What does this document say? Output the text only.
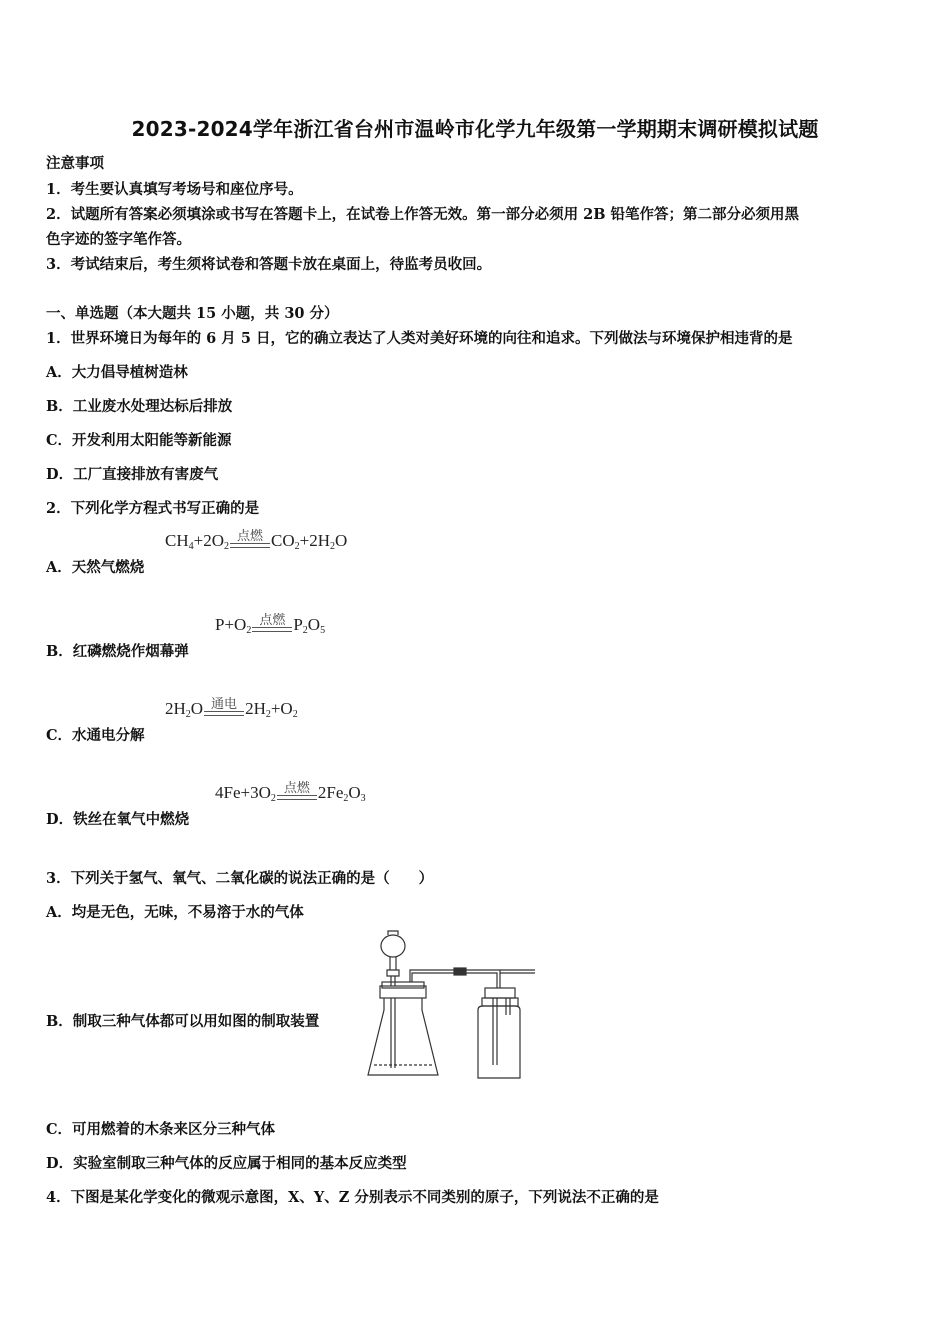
2023-2024学年浙江省台州市温岭市化学九年级第一学期期末调研模拟试题
注意事项
1．考生要认真填写考场号和座位序号。
2．试题所有答案必须填涂或书写在答题卡上，在试卷上作答无效。第一部分必须用 2B 铅笔作答；第二部分必须用黑
色字迹的签字笔作答。
3．考试结束后，考生须将试卷和答题卡放在桌面上，待监考员收回。
一、单选题（本大题共 15 小题，共 30 分）
1．世界环境日为每年的 6 月 5 日，它的确立表达了人类对美好环境的向往和追求。下列做法与环境保护相违背的是
A．大力倡导植树造林
B．工业废水处理达标后排放
C．开发利用太阳能等新能源
D．工厂直接排放有害废气
2．下列化学方程式书写正确的是
A．天然气燃烧
$CH_4+2O_2$
点燃 $CO_2+2H_2O$
B．红磷燃烧作烟幕弹
$P+O_2$
点燃 $P_2O_5$
C．水通电分解
$2H_2O$ 通电 $2H_2+O_2$
D．铁丝在氧气中燃烧
$4Fe+3O_2$
点燃 $2Fe_2O_3$
3．下列关于氢气、氧气、二氧化碳的说法正确的是（　　）
A．均是无色，无味，不易溶于水的气体
B．制取三种气体都可以用如图的制取装置
C．可用燃着的木条来区分三种气体
D．实验室制取三种气体的反应属于相同的基本反应类型
4．下图是某化学变化的微观示意图，X、Y、Z 分别表示不同类别的原子，下列说法不正确的是
